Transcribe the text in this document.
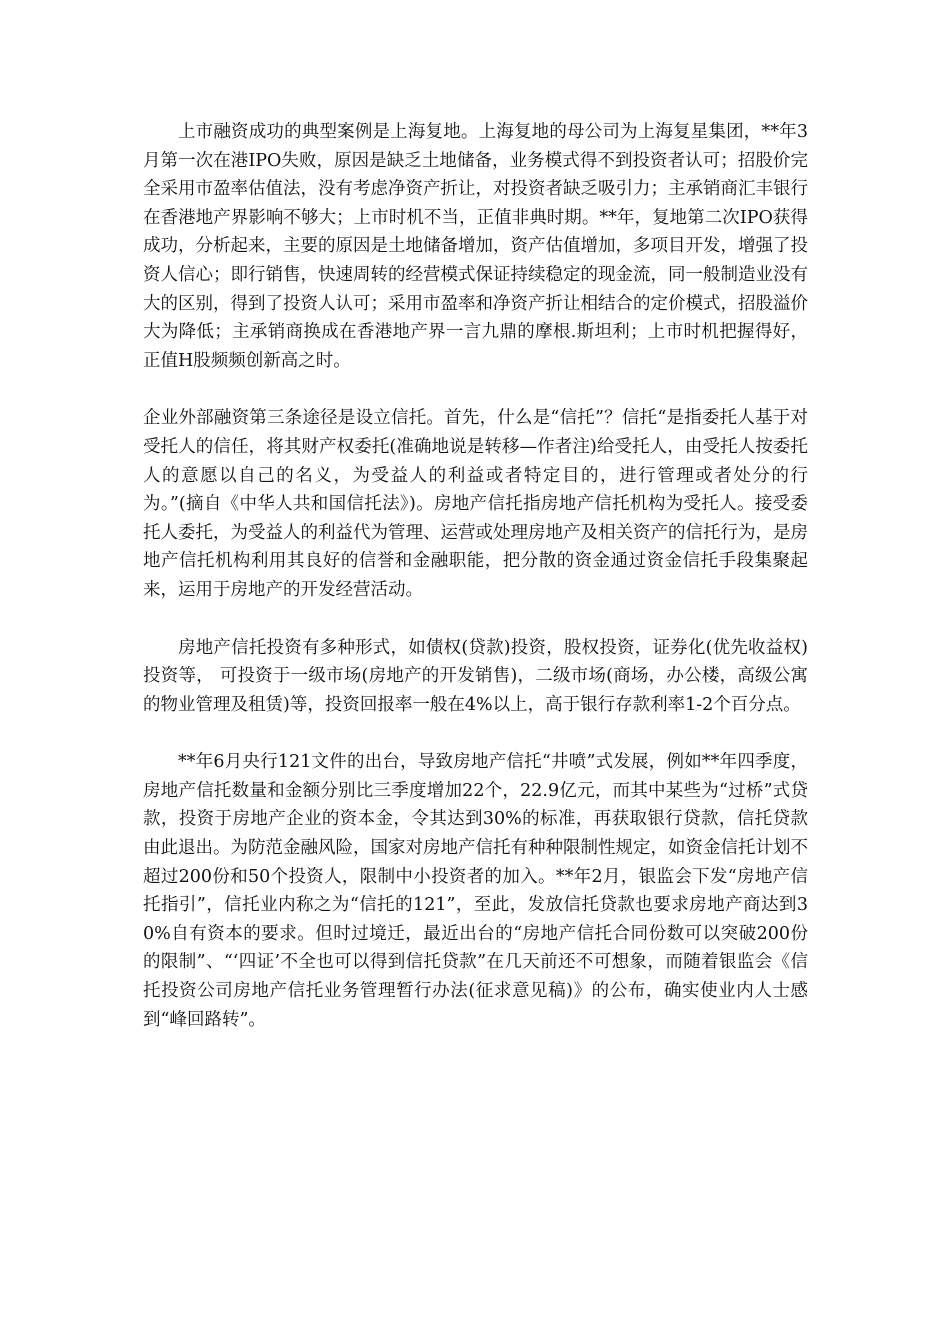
上市融资成功的典型案例是上海复地。上海复地的母公司为上海复星集团，**年3月第一次在港IPO失败，原因是缺乏土地储备，业务模式得不到投资者认可；招股价完全采用市盈率估值法，没有考虑净资产折让，对投资者缺乏吸引力；主承销商汇丰银行在香港地产界影响不够大；上市时机不当，正值非典时期。**年，复地第二次IPO获得成功，分析起来，主要的原因是土地储备增加，资产估值增加，多项目开发，增强了投资人信心；即行销售，快速周转的经营模式保证持续稳定的现金流，同一般制造业没有大的区别，得到了投资人认可；采用市盈率和净资产折让相结合的定价模式，招股溢价大为降低；主承销商换成在香港地产界一言九鼎的摩根.斯坦利；上市时机把握得好，正值H股频频创新高之时。

企业外部融资第三条途径是设立信托。首先，什么是“信托”？信托“是指委托人基于对受托人的信任，将其财产权委托(准确地说是转移—作者注)给受托人，由受托人按委托人的意愿以自己的名义，为受益人的利益或者特定目的，进行管理或者处分的行为。”(摘自《中华人共和国信托法》)。房地产信托指房地产信托机构为受托人。接受委托人委托，为受益人的利益代为管理、运营或处理房地产及相关资产的信托行为，是房地产信托机构利用其良好的信誉和金融职能，把分散的资金通过资金信托手段集聚起来，运用于房地产的开发经营活动。

房地产信托投资有多种形式，如债权(贷款)投资，股权投资，证券化(优先收益权)投资等， 可投资于一级市场(房地产的开发销售)，二级市场(商场，办公楼，高级公寓的物业管理及租赁)等，投资回报率一般在4%以上，高于银行存款利率1-2个百分点。

**年6月央行121文件的出台，导致房地产信托“井喷”式发展，例如**年四季度，房地产信托数量和金额分别比三季度增加22个，22.9亿元，而其中某些为“过桥”式贷款，投资于房地产企业的资本金，令其达到30%的标准，再获取银行贷款，信托贷款由此退出。为防范金融风险，国家对房地产信托有种种限制性规定，如资金信托计划不超过200份和50个投资人，限制中小投资者的加入。**年2月，银监会下发“房地产信托指引”，信托业内称之为“信托的121”，至此，发放信托贷款也要求房地产商达到30%自有资本的要求。但时过境迁，最近出台的“房地产信托合同份数可以突破200份的限制”、“‘四证’不全也可以得到信托贷款”在几天前还不可想象，而随着银监会《信托投资公司房地产信托业务管理暂行办法(征求意见稿)》的公布，确实使业内人士感到“峰回路转”。
